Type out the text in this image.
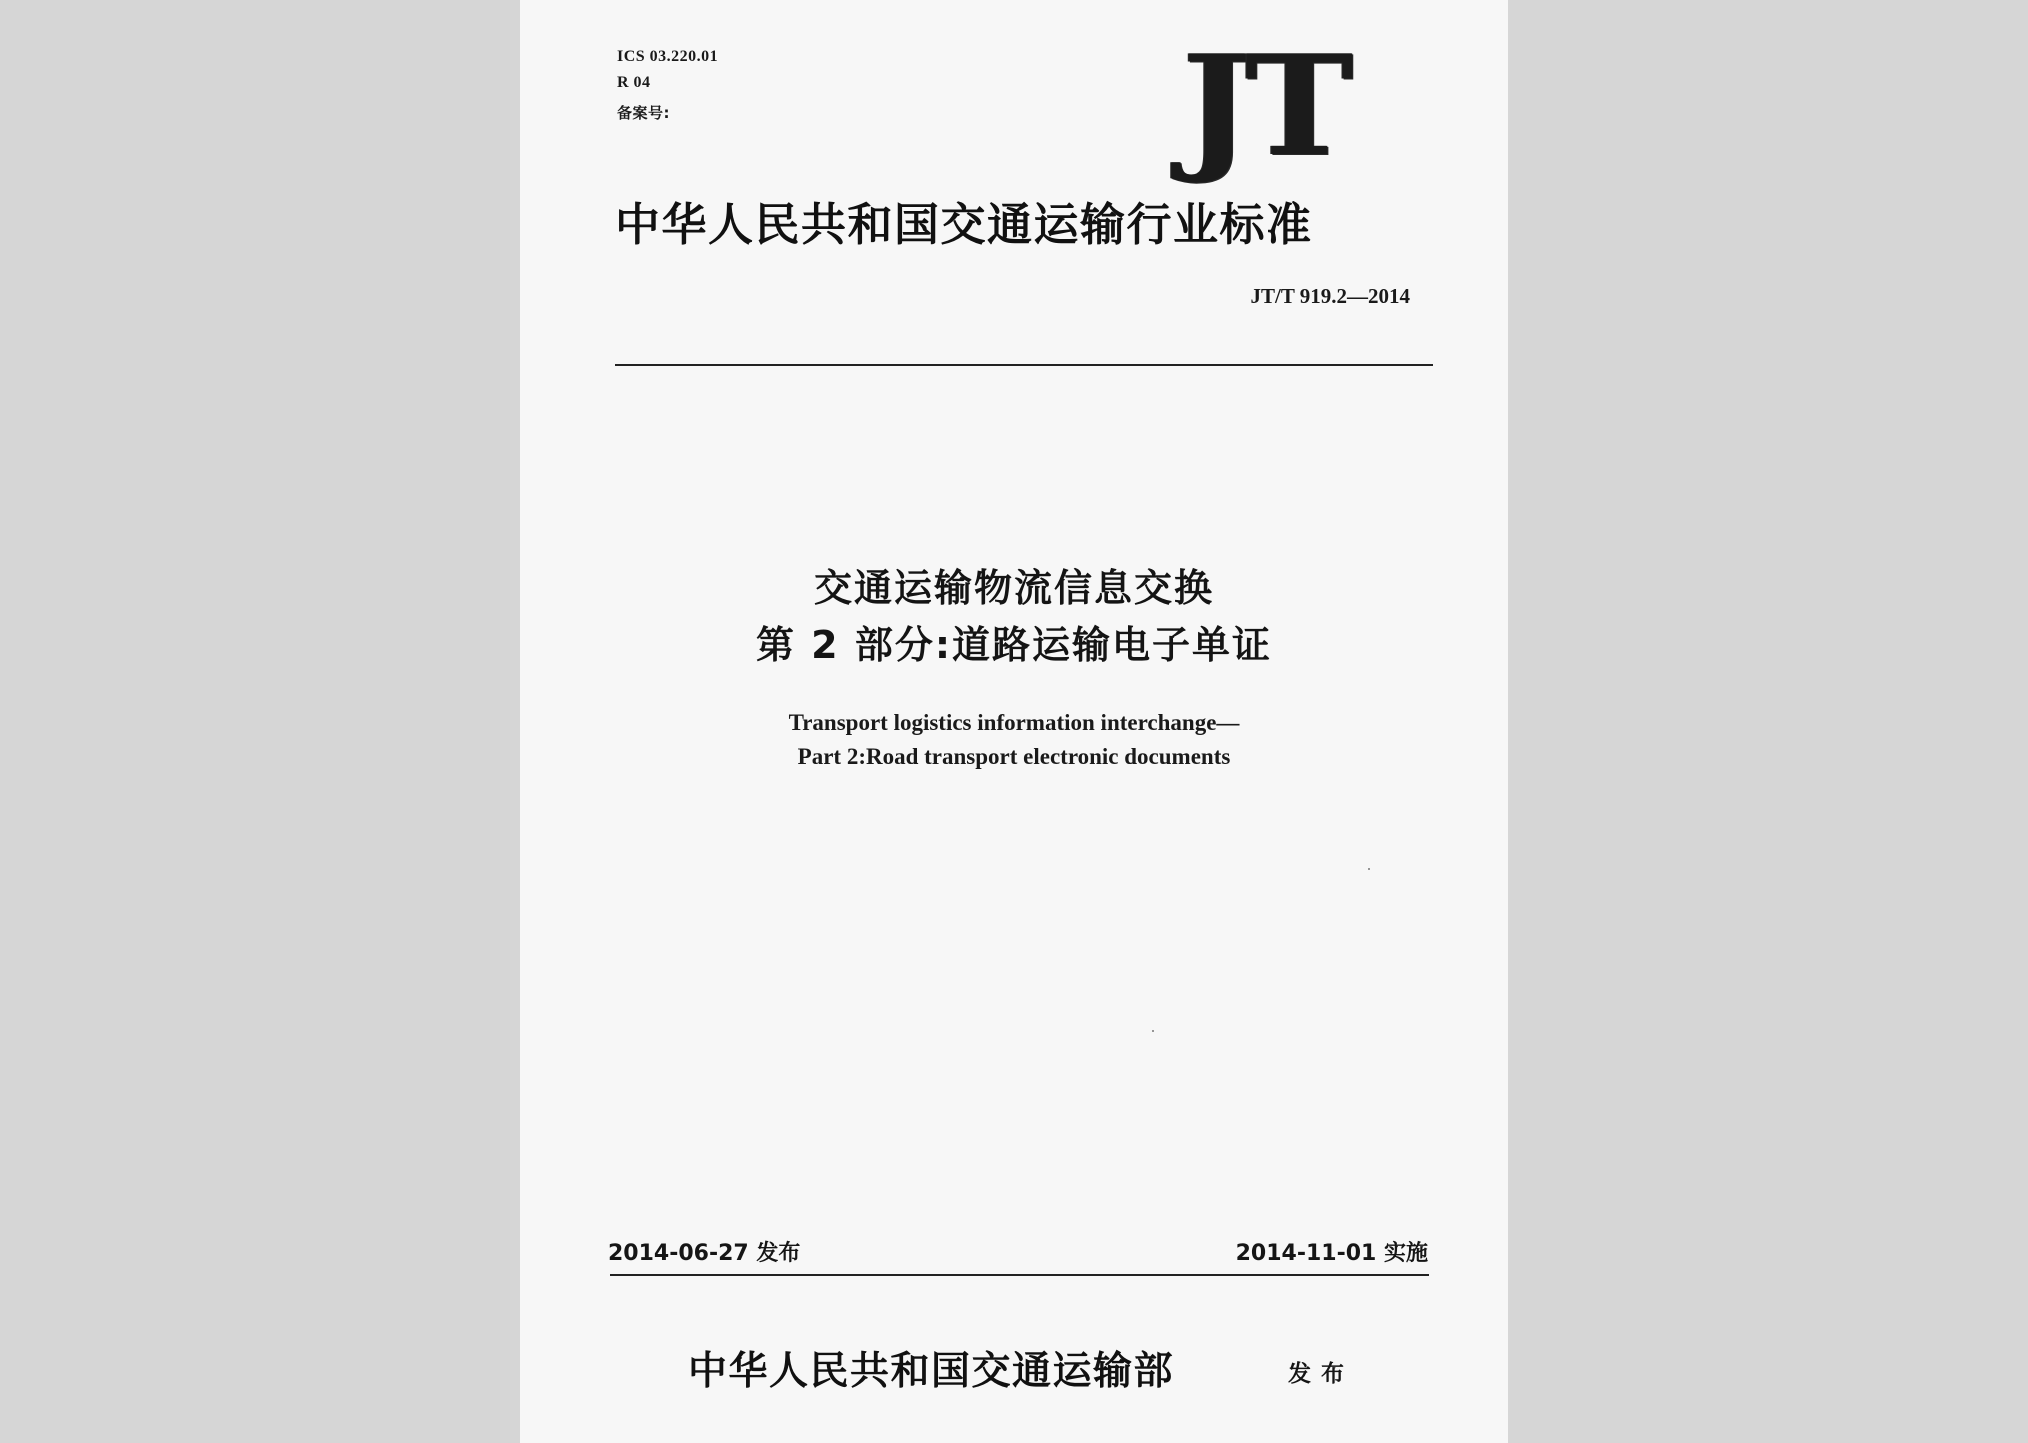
ICS 03.220.01
R 04
备案号:	JT
中华人民共和国交通运输行业标准
JT/T 919.2—2014
交通运输物流信息交换
第 2 部分:道路运输电子单证
Transport logistics information interchange—
Part 2:Road transport electronic documents
2014-06-27 发布	2014-11-01 实施
中华人民共和国交通运输部	发布
